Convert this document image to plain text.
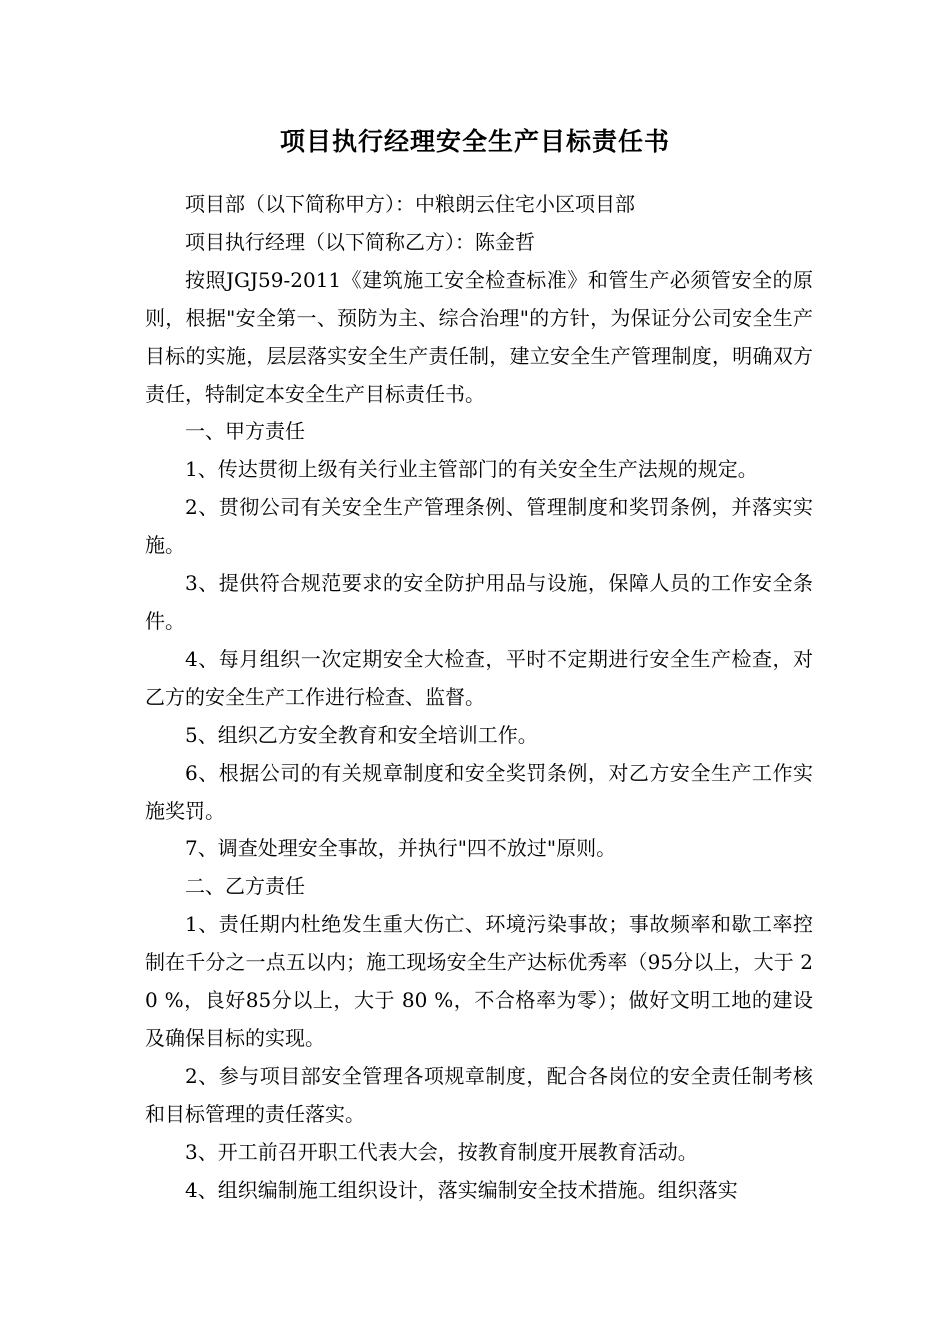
项目执行经理安全生产目标责任书

项目部（以下简称甲方）：中粮朗云住宅小区项目部

项目执行经理（以下简称乙方）：陈金哲

按照JGJ59-2011《建筑施工安全检查标准》和管生产必须管安全的原则，根据"安全第一、预防为主、综合治理"的方针，为保证分公司安全生产目标的实施，层层落实安全生产责任制，建立安全生产管理制度，明确双方责任，特制定本安全生产目标责任书。

一、甲方责任

1、传达贯彻上级有关行业主管部门的有关安全生产法规的规定。

2、贯彻公司有关安全生产管理条例、管理制度和奖罚条例，并落实实施。

3、提供符合规范要求的安全防护用品与设施，保障人员的工作安全条件。

4、每月组织一次定期安全大检查，平时不定期进行安全生产检查，对乙方的安全生产工作进行检查、监督。

5、组织乙方安全教育和安全培训工作。

6、根据公司的有关规章制度和安全奖罚条例，对乙方安全生产工作实施奖罚。

7、调查处理安全事故，并执行"四不放过"原则。

二、乙方责任

1、责任期内杜绝发生重大伤亡、环境污染事故；事故频率和歇工率控制在千分之一点五以内；施工现场安全生产达标优秀率（95分以上，大于 20 %，良好85分以上，大于 80 %，不合格率为零）；做好文明工地的建设及确保目标的实现。

2、参与项目部安全管理各项规章制度，配合各岗位的安全责任制考核和目标管理的责任落实。

3、开工前召开职工代表大会，按教育制度开展教育活动。

4、组织编制施工组织设计，落实编制安全技术措施。组织落实
